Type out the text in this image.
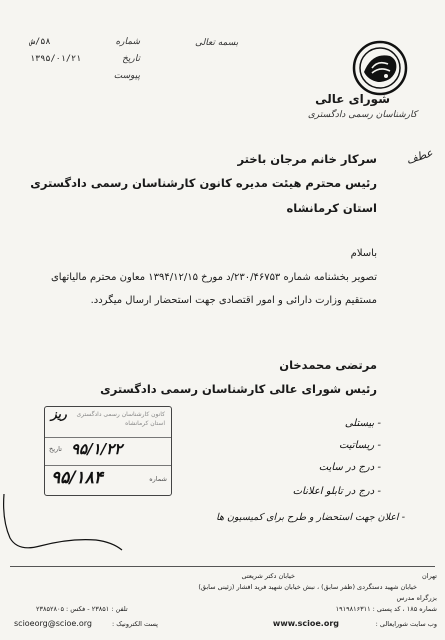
شماره
۵۸/ش
تاریخ
۱۳۹۵/۰۱/۲۱
پیوست
بسمه تعالی
شورای عالی
کارشناسان رسمی دادگستری
عطف
سرکار خانم مرجان باختر
رئیس محترم هیئت مدیره کانون کارشناسان رسمی دادگستری
استان کرمانشاه
باسلام
تصویر بخشنامه شماره ۲۳۰/۴۶۷۵۳/د مورخ ۱۳۹۴/۱۲/۱۵ معاون محترم مالیاتهای مستقیم وزارت دارائی و امور اقتصادی جهت استحضار ارسال میگردد.
مرتضی محمدخان
رئیس شورای عالی کارشناسان رسمی دادگستری
کانون کارشناسان رسمی دادگستری
استان کرمانشاه
ریز
تاریخ ۹۵/۱/۲۲
شماره
۹۵/۱۸۴
- بیستلی
- ریساتیت
- درج در سایت
- درج در تابلو اعلانات
- اعلان جهت استحضار و طرح برای کمیسیون ها
تهران
خیابان دکتر شریعتی
خیابان شهید دستگردی (ظفر سابق) ، نبش خیابان شهید فرید افشار (زئینی سابق)
بزرگراه مدرس
شماره ۱۸۵ ، کد پستی : ۱۹۱۹۸۱۶۳۱۱
تلفن : ۲۳۸۵۱ - فکس : ۲۳۸۵۲۸۰۵
وب سایت شورایعالی :
www.scioe.org
پست الکترونیک :
scioeorg@scioe.org
